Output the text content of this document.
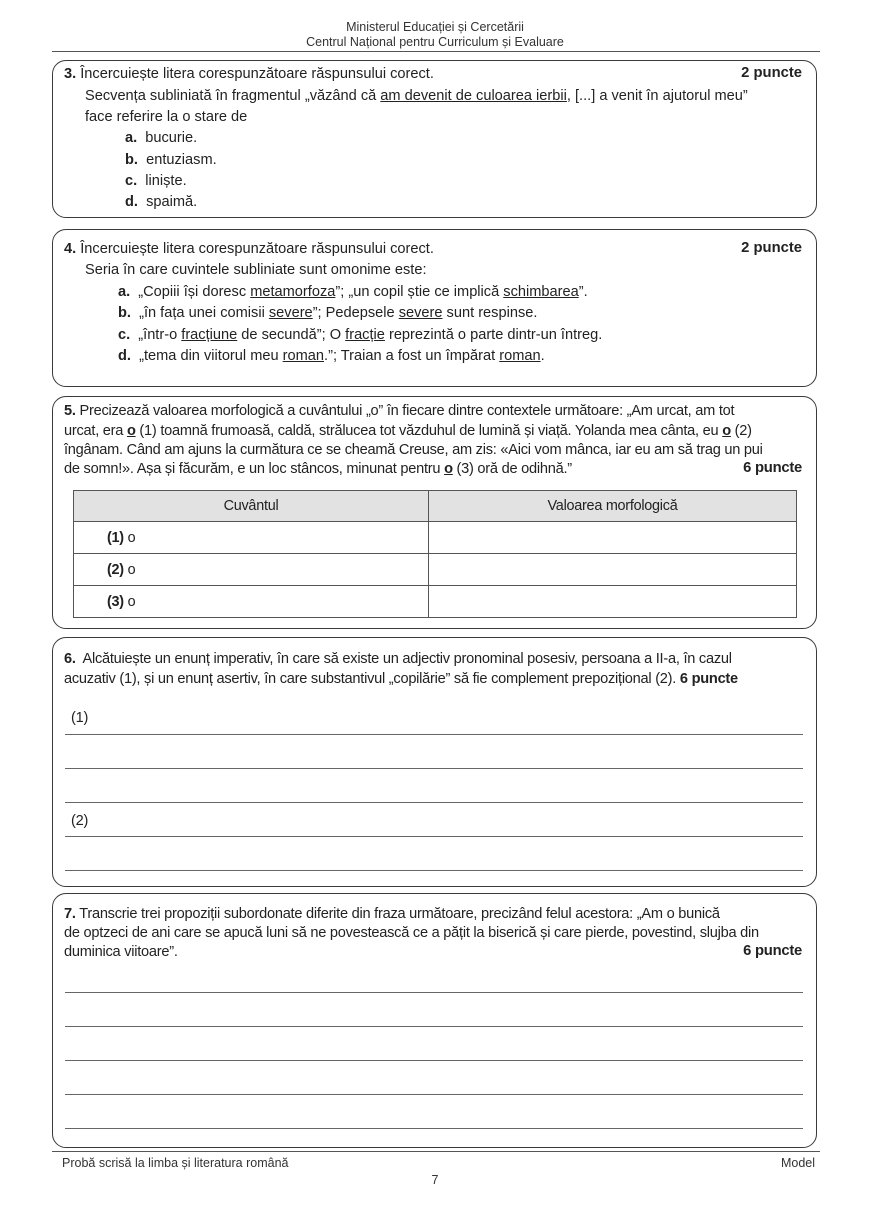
Ministerul Educației și Cercetării
Centrul Național pentru Curriculum și Evaluare
3. Încercuiește litera corespunzătoare răspunsului corect.	2 puncte
Secvența subliniată în fragmentul „văzând că am devenit de culoarea ierbii, [...] a venit în ajutorul meu”
face referire la o stare de
a. bucurie.
b. entuziasm.
c. liniște.
d. spaimă.
4. Încercuiește litera corespunzătoare răspunsului corect.	2 puncte
Seria în care cuvintele subliniate sunt omonime este:
a. „Copiii își doresc metamorfoza”; „un copil știe ce implică schimbarea”.
b. „în fața unei comisii severe”; Pedepsele severe sunt respinse.
c. „într-o fracțiune de secundă”; O fracție reprezintă o parte dintr-un întreg.
d. „tema din viitorul meu roman.”; Traian a fost un împărat roman.
5. Precizează valoarea morfologică a cuvântului „o” în fiecare dintre contextele următoare: „Am urcat, am tot
urcat, era o (1) toamnă frumoasă, caldă, strălucea tot văzduhul de lumină și viață. Yolanda mea cânta, eu o (2)
îngânam. Când am ajuns la curmătura ce se cheamă Creuse, am zis: «Aici vom mânca, iar eu am să trag un pui
de somn!». Așa și făcurăm, e un loc stâncos, minunat pentru o (3) oră de odihnă.”	6 puncte
Cuvântul	Valoarea morfologică
(1) o	
(2) o	
(3) o	
6. Alcătuiește un enunț imperativ, în care să existe un adjectiv pronominal posesiv, persoana a II-a, în cazul
acuzativ (1), și un enunț asertiv, în care substantivul „copilărie” să fie complement prepozițional (2). 6 puncte
(1)
(2)
7. Transcrie trei propoziții subordonate diferite din fraza următoare, precizând felul acestora: „Am o bunică
de optzeci de ani care se apucă luni să ne povestească ce a pățit la biserică și care pierde, povestind, slujba din
duminica viitoare”.	6 puncte
Probă scrisă la limba și literatura română	Model
7
